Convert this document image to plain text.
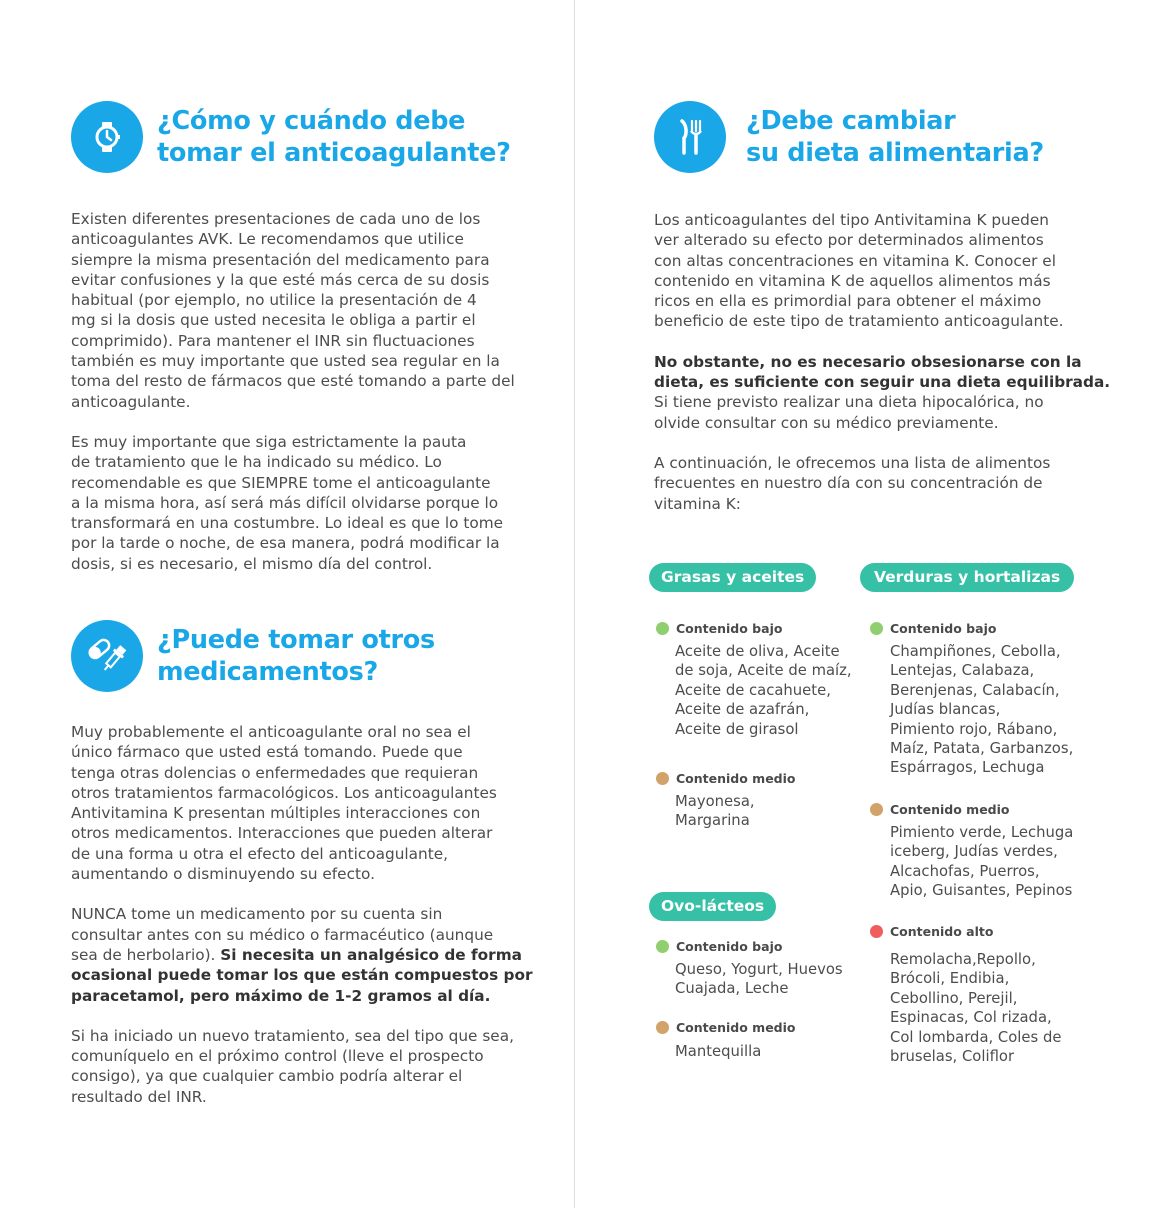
¿Cómo y cuándo debe
tomar el anticoagulante?

Existen diferentes presentaciones de cada uno de los
anticoagulantes AVK. Le recomendamos que utilice
siempre la misma presentación del medicamento para
evitar confusiones y la que esté más cerca de su dosis
habitual (por ejemplo, no utilice la presentación de 4
mg si la dosis que usted necesita le obliga a partir el
comprimido). Para mantener el INR sin fluctuaciones
también es muy importante que usted sea regular en la
toma del resto de fármacos que esté tomando a parte del
anticoagulante.

Es muy importante que siga estrictamente la pauta
de tratamiento que le ha indicado su médico. Lo
recomendable es que SIEMPRE tome el anticoagulante
a la misma hora, así será más difícil olvidarse porque lo
transformará en una costumbre. Lo ideal es que lo tome
por la tarde o noche, de esa manera, podrá modificar la
dosis, si es necesario, el mismo día del control.

¿Puede tomar otros
medicamentos?

Muy probablemente el anticoagulante oral no sea el
único fármaco que usted está tomando. Puede que
tenga otras dolencias o enfermedades que requieran
otros tratamientos farmacológicos. Los anticoagulantes
Antivitamina K presentan múltiples interacciones con
otros medicamentos. Interacciones que pueden alterar
de una forma u otra el efecto del anticoagulante,
aumentando o disminuyendo su efecto.

NUNCA tome un medicamento por su cuenta sin
consultar antes con su médico o farmacéutico (aunque
sea de herbolario). Si necesita un analgésico de forma
ocasional puede tomar los que están compuestos por
paracetamol, pero máximo de 1-2 gramos al día.

Si ha iniciado un nuevo tratamiento, sea del tipo que sea,
comuníquelo en el próximo control (lleve el prospecto
consigo), ya que cualquier cambio podría alterar el
resultado del INR.

¿Debe cambiar
su dieta alimentaria?

Los anticoagulantes del tipo Antivitamina K pueden
ver alterado su efecto por determinados alimentos
con altas concentraciones en vitamina K. Conocer el
contenido en vitamina K de aquellos alimentos más
ricos en ella es primordial para obtener el máximo
beneficio de este tipo de tratamiento anticoagulante.

No obstante, no es necesario obsesionarse con la
dieta, es suficiente con seguir una dieta equilibrada.
Si tiene previsto realizar una dieta hipocalórica, no
olvide consultar con su médico previamente.

A continuación, le ofrecemos una lista de alimentos
frecuentes en nuestro día con su concentración de
vitamina K:

Grasas y aceites	Verduras y hortalizas
Ovo-lácteos
Contenido bajo
Aceite de oliva, Aceite
de soja, Aceite de maíz,
Aceite de cacahuete,
Aceite de azafrán,
Aceite de girasol
Contenido medio
Mayonesa,
Margarina
Contenido bajo
Queso, Yogurt, Huevos
Cuajada, Leche
Contenido medio
Mantequilla
Contenido bajo
Champiñones, Cebolla,
Lentejas, Calabaza,
Berenjenas, Calabacín,
Judías blancas,
Pimiento rojo, Rábano,
Maíz, Patata, Garbanzos,
Espárragos, Lechuga
Contenido medio
Pimiento verde, Lechuga
iceberg, Judías verdes,
Alcachofas, Puerros,
Apio, Guisantes, Pepinos
Contenido alto
Remolacha,Repollo,
Brócoli, Endibia,
Cebollino, Perejil,
Espinacas, Col rizada,
Col lombarda, Coles de
bruselas, Coliflor
